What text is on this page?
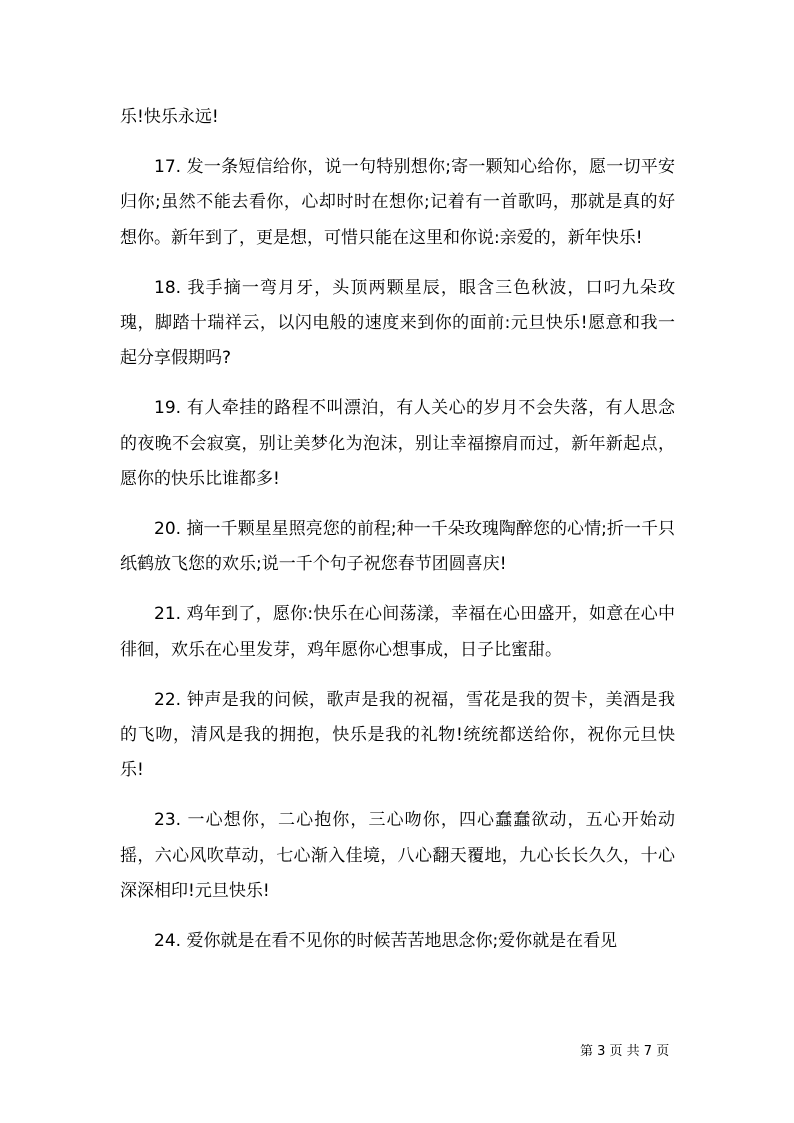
乐!快乐永远!

17. 发一条短信给你，说一句特别想你;寄一颗知心给你，愿一切平安归你;虽然不能去看你，心却时时在想你;记着有一首歌吗，那就是真的好想你。新年到了，更是想，可惜只能在这里和你说:亲爱的，新年快乐!

18. 我手摘一弯月牙，头顶两颗星辰，眼含三色秋波，口叼九朵玫瑰，脚踏十瑞祥云，以闪电般的速度来到你的面前:元旦快乐!愿意和我一起分享假期吗?

19. 有人牵挂的路程不叫漂泊，有人关心的岁月不会失落，有人思念的夜晚不会寂寞，别让美梦化为泡沫，别让幸福擦肩而过，新年新起点，愿你的快乐比谁都多!

20. 摘一千颗星星照亮您的前程;种一千朵玫瑰陶醉您的心情;折一千只纸鹤放飞您的欢乐;说一千个句子祝您春节团圆喜庆!

21. 鸡年到了，愿你:快乐在心间荡漾，幸福在心田盛开，如意在心中徘徊，欢乐在心里发芽，鸡年愿你心想事成，日子比蜜甜。

22. 钟声是我的问候，歌声是我的祝福，雪花是我的贺卡，美酒是我的飞吻，清风是我的拥抱，快乐是我的礼物!统统都送给你，祝你元旦快乐!

23. 一心想你，二心抱你，三心吻你，四心蠢蠢欲动，五心开始动摇，六心风吹草动，七心渐入佳境，八心翻天覆地，九心长长久久，十心深深相印!元旦快乐!

24. 爱你就是在看不见你的时候苦苦地思念你;爱你就是在看见

第 3 页 共 7 页
